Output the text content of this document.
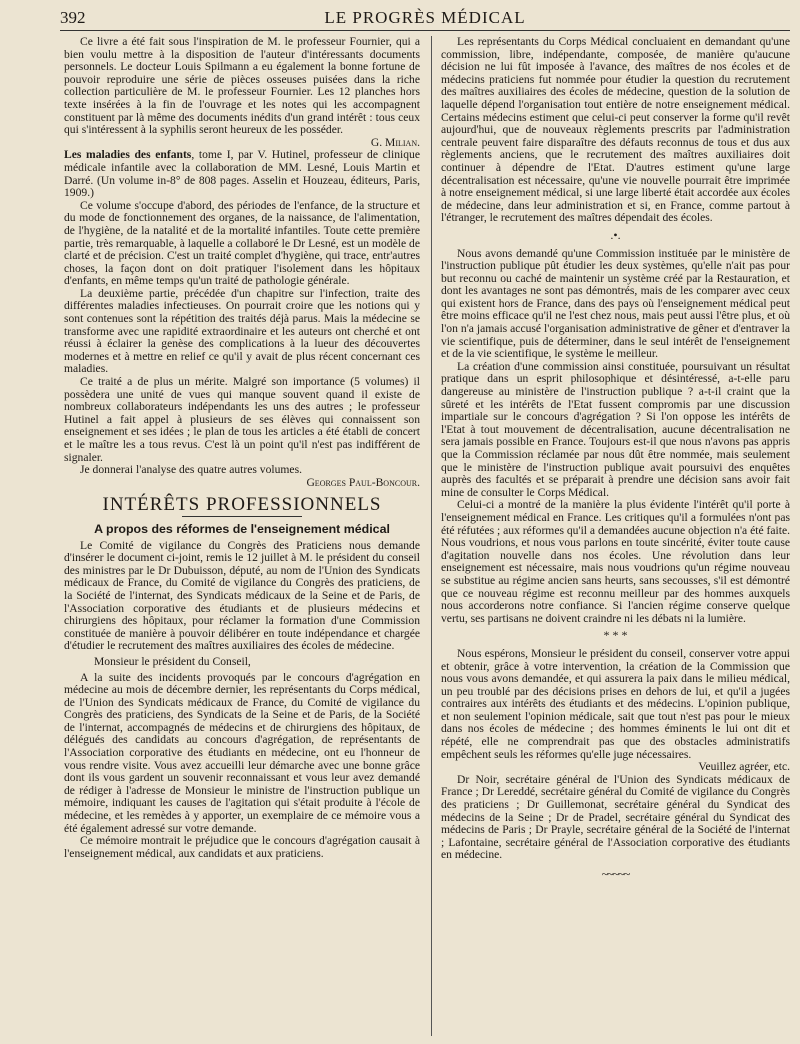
392	LE PROGRÈS MÉDICAL

Ce livre a été fait sous l'inspiration de M. le professeur Fournier, qui a bien voulu mettre à la disposition de l'auteur d'intéressants documents personnels. Le docteur Louis Spilmann a eu également la bonne fortune de pouvoir reproduire une série de pièces osseuses puisées dans la riche collection particulière de M. le professeur Fournier. Les 12 planches hors texte insérées à la fin de l'ouvrage et les notes qui les accompagnent constituent par là même des documents inédits d'un grand intérêt : tous ceux qui s'intéressent à la syphilis seront heureux de les posséder.

G. Milian.

Les maladies des enfants, tome I, par V. Hutinel, professeur de clinique médicale infantile avec la collaboration de MM. Lesné, Louis Martin et Darré. (Un volume in-8° de 808 pages. Asselin et Houzeau, éditeurs, Paris, 1909.)

Ce volume s'occupe d'abord, des périodes de l'enfance, de la structure et du mode de fonctionnement des organes, de la naissance, de l'alimentation, de l'hygiène, de la natalité et de la mortalité infantiles. Toute cette première partie, très remarquable, à laquelle a collaboré le Dr Lesné, est un modèle de clarté et de précision. C'est un traité complet d'hygiène, qui trace, entr'autres choses, la façon dont on doit pratiquer l'isolement dans les hôpitaux d'enfants, en même temps qu'un traité de pathologie générale.

La deuxième partie, précédée d'un chapitre sur l'infection, traite des différentes maladies infectieuses. On pourrait croire que les notions qui y sont contenues sont la répétition des traités déjà parus. Mais la médecine se transforme avec une rapidité extraordinaire et les auteurs ont cherché et ont réussi à éclairer la genèse des complications à la lueur des découvertes modernes et à mettre en relief ce qu'il y avait de plus récent concernant ces maladies.

Ce traité a de plus un mérite. Malgré son importance (5 volumes) il possèdera une unité de vues qui manque souvent quand il existe de nombreux collaborateurs indépendants les uns des autres ; le professeur Hutinel a fait appel à plusieurs de ses élèves qui connaissent son enseignement et ses idées ; le plan de tous les articles a été établi de concert et le maître les a tous revus. C'est là un point qu'il n'est pas indifférent de signaler.

Je donnerai l'analyse des quatre autres volumes.

Georges Paul-Boncour.

INTÉRÊTS PROFESSIONNELS
A propos des réformes de l'enseignement médical

Le Comité de vigilance du Congrès des Praticiens nous demande d'insérer le document ci-joint, remis le 12 juillet à M. le président du conseil des ministres par le Dr Dubuisson, député, au nom de l'Union des Syndicats médicaux de France, du Comité de vigilance du Congrès des praticiens, de la Société de l'internat, des Syndicats médicaux de la Seine et de Paris, de l'Association corporative des étudiants et de plusieurs médecins et chirurgiens des hôpitaux, pour réclamer la formation d'une Commission constituée de manière à pouvoir délibérer en toute indépendance et chargée d'étudier le recrutement des maîtres auxiliaires des écoles de médecine.

Monsieur le président du Conseil,

A la suite des incidents provoqués par le concours d'agrégation en médecine au mois de décembre dernier, les représentants du Corps médical, de l'Union des Syndicats médicaux de France, du Comité de vigilance du Congrès des praticiens, des Syndicats de la Seine et de Paris, de la Société de l'internat, accompagnés de médecins et de chirurgiens des hôpitaux, de délégués des candidats au concours d'agrégation, de représentants de l'Association corporative des étudiants en médecine, ont eu l'honneur de vous rendre visite. Vous avez accueilli leur démarche avec une bonne grâce dont ils vous gardent un souvenir reconnaissant et vous leur avez demandé de rédiger à l'adresse de Monsieur le ministre de l'instruction publique un mémoire, indiquant les causes de l'agitation qui s'était produite à l'école de médecine, et les remèdes à y apporter, un exemplaire de ce mémoire vous a été également adressé sur votre demande.

Ce mémoire montrait le préjudice que le concours d'agrégation causait à l'enseignement médical, aux candidats et aux praticiens.

Les représentants du Corps Médical concluaient en demandant qu'une commission, libre, indépendante, composée, de manière qu'aucune décision ne lui fût imposée à l'avance, des maîtres de nos écoles et de médecins praticiens fut nommée pour étudier la question du recrutement des maîtres auxiliaires des écoles de médecine, question de la solution de laquelle dépend l'organisation tout entière de notre enseignement médical. Certains médecins estiment que celui-ci peut conserver la forme qu'il revêt aujourd'hui, que de nouveaux règlements prescrits par l'administration centrale peuvent faire disparaître des défauts reconnus de tous et dus aux règlements anciens, que le recrutement des maîtres auxiliaires doit continuer à dépendre de l'Etat. D'autres estiment qu'une large décentralisation est nécessaire, qu'une vie nouvelle pourrait être imprimée à notre enseignement médical, si une large liberté était accordée aux écoles de médecine, dans leur administration et si, en France, comme partout à l'étranger, le recrutement des maîtres dépendait des écoles.

.•.

Nous avons demandé qu'une Commission instituée par le ministère de l'instruction publique pût étudier les deux systèmes, qu'elle n'ait pas pour but reconnu ou caché de maintenir un système créé par la Restauration, et dont les avantages ne sont pas démontrés, mais de les comparer avec ceux qui existent hors de France, dans des pays où l'enseignement médical peut être moins efficace qu'il ne l'est chez nous, mais peut aussi l'être plus, et où l'on n'a jamais accusé l'organisation administrative de gêner et d'entraver la vie scientifique, puis de déterminer, dans le seul intérêt de l'enseignement et de la vie scientifique, le système le meilleur.

La création d'une commission ainsi constituée, poursuivant un résultat pratique dans un esprit philosophique et désintéressé, a-t-elle paru dangereuse au ministère de l'instruction publique ? a-t-il craint que la sûreté et les intérêts de l'Etat fussent compromis par une discussion impartiale sur le concours d'agrégation ? Si l'on oppose les intérêts de l'Etat à tout mouvement de décentralisation, aucune décentralisation ne sera jamais possible en France. Toujours est-il que nous n'avons pas appris que la Commission réclamée par nous dût être nommée, mais seulement que le ministère de l'instruction publique avait poursuivi des enquêtes auprès des facultés et se préparait à prendre une décision sans avoir fait mine de consulter le Corps Médical.

Celui-ci a montré de la manière la plus évidente l'intérêt qu'il porte à l'enseignement médical en France. Les critiques qu'il a formulées n'ont pas été réfutées ; aux réformes qu'il a demandées aucune objection n'a été faite. Nous voudrions, et nous vous parlons en toute sincérité, éviter toute cause d'agitation nouvelle dans nos écoles. Une révolution dans leur enseignement est nécessaire, mais nous voudrions qu'un régime nouveau se substitue au régime ancien sans heurts, sans secousses, s'il est démontré que ce nouveau régime est reconnu meilleur par des hommes auxquels nous accorderons notre confiance. Si l'ancien régime conserve quelque vertu, ses partisans ne doivent craindre ni les débats ni la lumière.

* * *

Nous espérons, Monsieur le président du conseil, conserver votre appui et obtenir, grâce à votre intervention, la création de la Commission que nous vous avons demandée, et qui assurera la paix dans le milieu médical, un peu troublé par des décisions prises en dehors de lui, et qu'il a jugées contraires aux intérêts des étudiants et des médecins. L'opinion publique, et non seulement l'opinion médicale, sait que tout n'est pas pour le mieux dans nos écoles de médecine ; des hommes éminents le lui ont dit et répété, elle ne comprendrait pas que des obstacles administratifs empêchent seuls les réformes qu'elle juge nécessaires.

Veuillez agréer, etc.

Dr Noir, secrétaire général de l'Union des Syndicats médicaux de France ; Dr Lereddé, secrétaire général du Comité de vigilance du Congrès des praticiens ; Dr Guillemonat, secrétaire général du Syndicat des médecins de la Seine ; Dr de Pradel, secrétaire général du Syndicat des médecins de Paris ; Dr Prayle, secrétaire général de la Société de l'internat ; Lafontaine, secrétaire général de l'Association corporative des étudiants en médecine.

~~~~~
